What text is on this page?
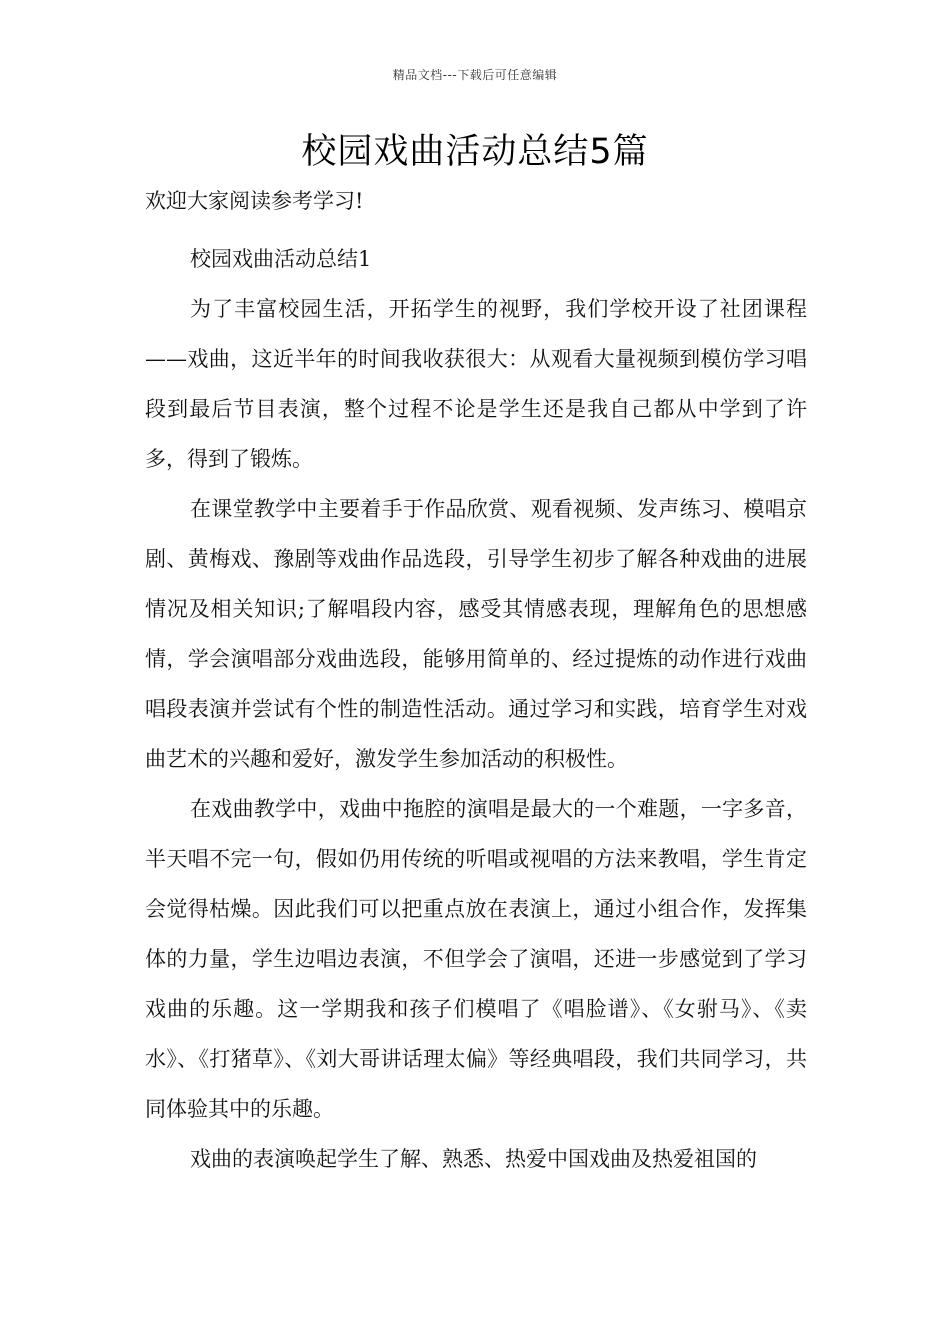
精品文档---下载后可任意编辑
校园戏曲活动总结5篇

欢迎大家阅读参考学习!

校园戏曲活动总结1

为了丰富校园生活，开拓学生的视野，我们学校开设了社团课程——戏曲，这近半年的时间我收获很大：从观看大量视频到模仿学习唱段到最后节目表演，整个过程不论是学生还是我自己都从中学到了许多，得到了锻炼。

在课堂教学中主要着手于作品欣赏、观看视频、发声练习、模唱京剧、黄梅戏、豫剧等戏曲作品选段，引导学生初步了解各种戏曲的进展情况及相关知识;了解唱段内容，感受其情感表现，理解角色的思想感情，学会演唱部分戏曲选段，能够用简单的、经过提炼的动作进行戏曲唱段表演并尝试有个性的制造性活动。通过学习和实践，培育学生对戏曲艺术的兴趣和爱好，激发学生参加活动的积极性。

在戏曲教学中，戏曲中拖腔的演唱是最大的一个难题，一字多音，半天唱不完一句，假如仍用传统的听唱或视唱的方法来教唱，学生肯定会觉得枯燥。因此我们可以把重点放在表演上，通过小组合作，发挥集体的力量，学生边唱边表演，不但学会了演唱，还进一步感觉到了学习戏曲的乐趣。这一学期我和孩子们模唱了《唱脸谱》、《女驸马》、《卖水》、《打猪草》、《刘大哥讲话理太偏》等经典唱段，我们共同学习，共同体验其中的乐趣。

戏曲的表演唤起学生了解、熟悉、热爱中国戏曲及热爱祖国的
